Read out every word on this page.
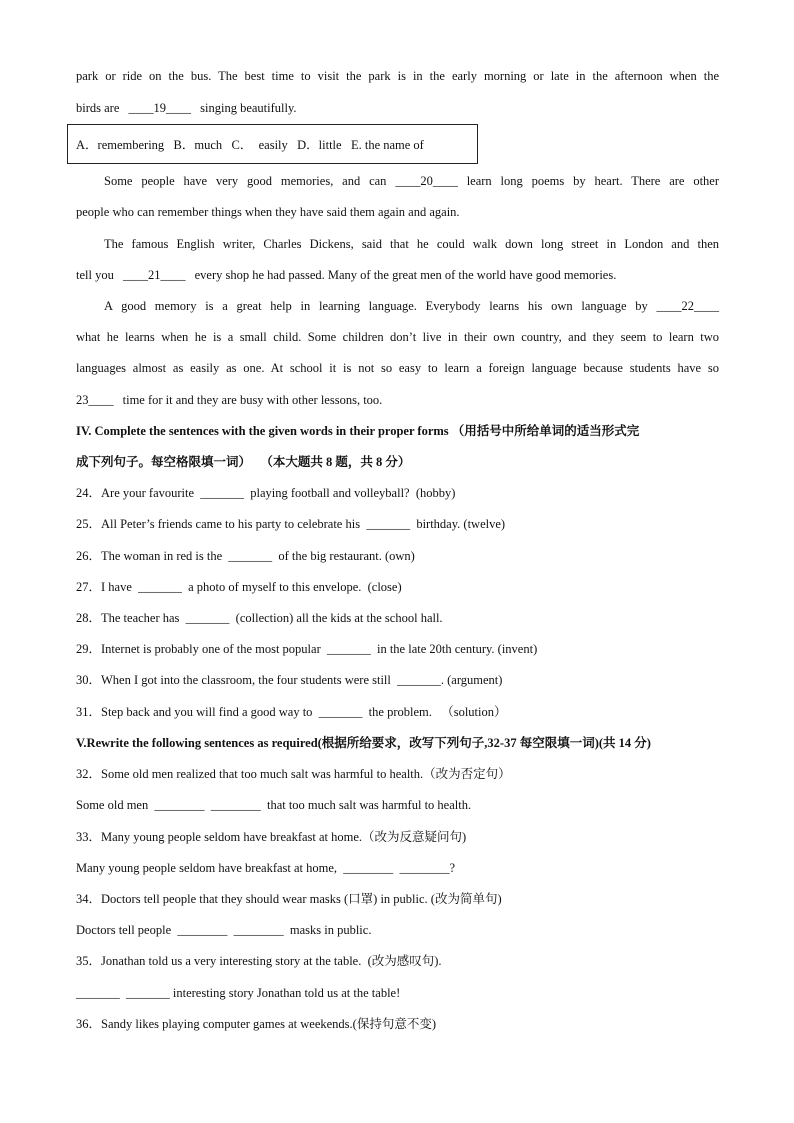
park or ride on the bus. The best time to visit the park is in the early morning or late in the afternoon when the
birds are ____19____ singing beautifully.
A．remembering   B．much   C．  easily   D．little   E. the name of
Some people have very good memories, and can ____20____ learn long poems by heart. There are other
people who can remember things when they have said them again and again.
The famous English writer, Charles Dickens, said that he could walk down long street in London and then
tell you ____21____ every shop he had passed. Many of the great men of the world have good memories.
A good memory is a great help in learning language. Everybody learns his own language by ____22____
what he learns when he is a small child. Some children don’t live in their own country, and they seem to learn two
languages almost as easily as one. At school it is not so easy to learn a foreign language because students have so
23____ time for it and they are busy with other lessons, too.
IV. Complete the sentences with the given words in their proper forms （用括号中所给单词的适当形式完
成下列句子。每空格限填一词）   （本大题共 8 题，共 8 分）
24．Are your favourite  _______  playing football and volleyball?  (hobby)
25．All Peter’s friends came to his party to celebrate his  _______  birthday. (twelve)
26．The woman in red is the  _______  of the big restaurant. (own)
27．I have  _______  a photo of myself to this envelope.  (close)
28．The teacher has  _______  (collection) all the kids at the school hall.
29．Internet is probably one of the most popular  _______  in the late 20th century. (invent)
30．When I got into the classroom, the four students were still  _______. (argument)
31．Step back and you will find a good way to  _______  the problem.   （solution）
V.Rewrite the following sentences as required(根据所给要求，改写下列句子,32-37 每空限填一词)(共 14 分)
32．Some old men realized that too much salt was harmful to health.（改为否定句）
Some old men  ________  ________  that too much salt was harmful to health.
33．Many young people seldom have breakfast at home.（改为反意疑问句)
Many young people seldom have breakfast at home,  ________  ________?
34．Doctors tell people that they should wear masks (口罩) in public. (改为简单句)
Doctors tell people  ________  ________  masks in public.
35．Jonathan told us a very interesting story at the table.  (改为感叹句).
_______  _______ interesting story Jonathan told us at the table!
36．Sandy likes playing computer games at weekends.(保持句意不变)
